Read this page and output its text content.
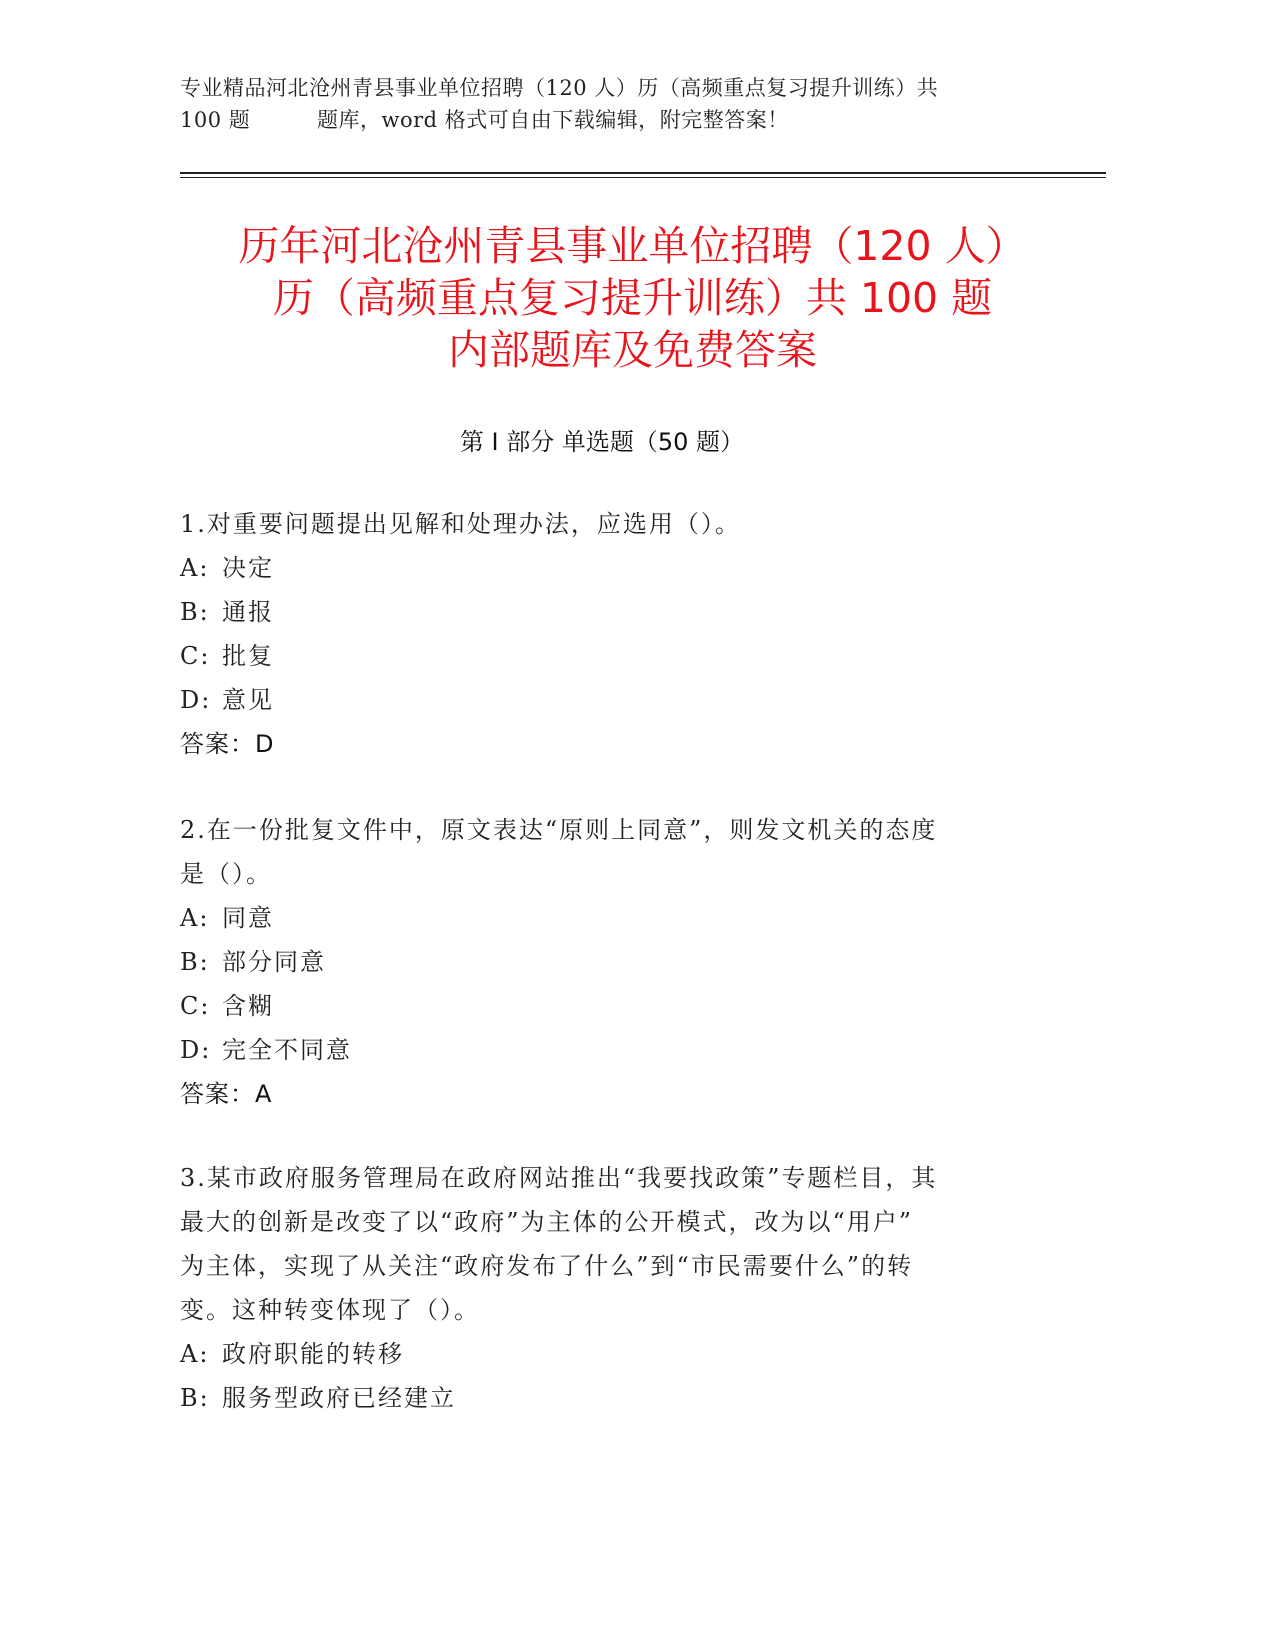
专业精品河北沧州青县事业单位招聘（120 人）历（高频重点复习提升训练）共
100 题	题库，word 格式可自由下载编辑，附完整答案！
历年河北沧州青县事业单位招聘（120 人）
历（高频重点复习提升训练）共 100 题
内部题库及免费答案
第 I 部分 单选题（50 题）
1.对重要问题提出见解和处理办法，应选用（）。
A: 决定
B: 通报
C: 批复
D: 意见
答案：D
2.在一份批复文件中，原文表达“原则上同意”，则发文机关的态度
是（）。
A: 同意
B: 部分同意
C: 含糊
D: 完全不同意
答案：A
3.某市政府服务管理局在政府网站推出“我要找政策”专题栏目，其
最大的创新是改变了以“政府”为主体的公开模式，改为以“用户”
为主体，实现了从关注“政府发布了什么”到“市民需要什么”的转
变。这种转变体现了（）。
A: 政府职能的转移
B: 服务型政府已经建立
